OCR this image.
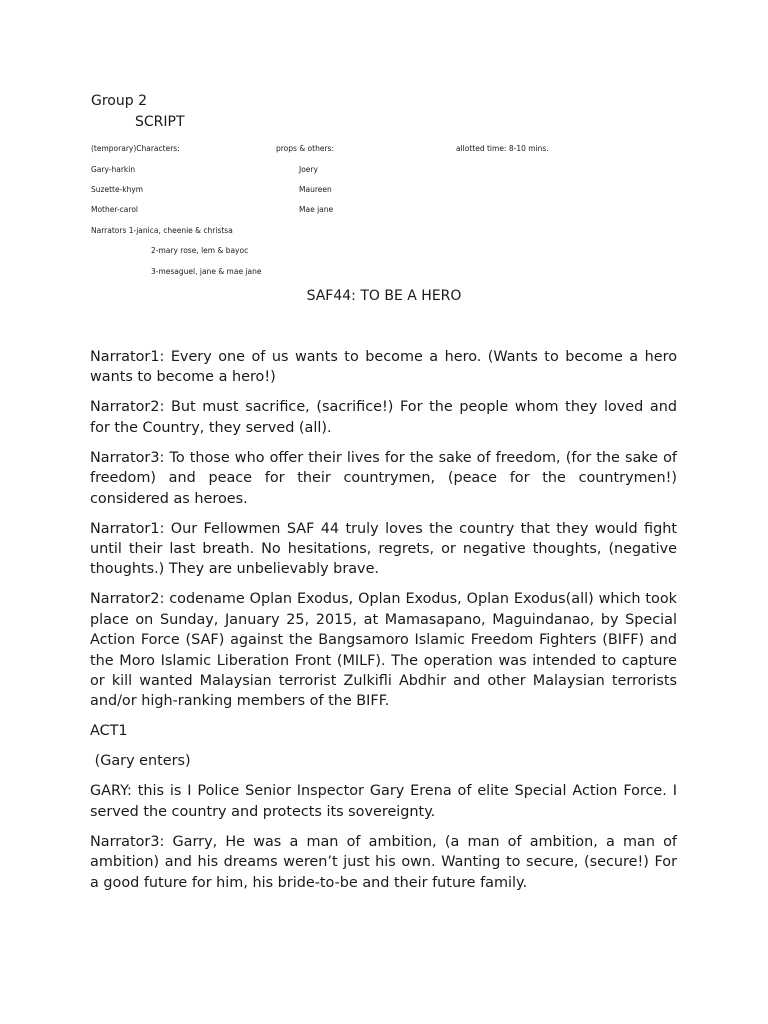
Group 2
SCRIPT
(temporary)Characters:	props & others:	allotted time: 8-10 mins.
Gary-harkin	Joery
Suzette-khym	Maureen
Mother-carol	Mae jane
Narrators 1-janica, cheenie & christsa
2-mary rose, lem & bayoc
3-mesaguel, jane & mae jane
SAF44: TO BE A HERO

Narrator1: Every one of us wants to become a hero. (Wants to become a hero wants to become a hero!)

Narrator2: But must sacrifice, (sacrifice!) For the people whom they loved and for the Country, they served (all).

Narrator3: To those who offer their lives for the sake of freedom, (for the sake of freedom) and peace for their countrymen, (peace for the countrymen!) considered as heroes.

Narrator1: Our Fellowmen SAF 44 truly loves the country that they would fight until their last breath. No hesitations, regrets, or negative thoughts, (negative thoughts.) They are unbelievably brave.

Narrator2: codename Oplan Exodus, Oplan Exodus, Oplan Exodus(all) which took place on Sunday, January 25, 2015, at Mamasapano, Maguindanao, by Special Action Force (SAF) against the Bangsamoro Islamic Freedom Fighters (BIFF) and the Moro Islamic Liberation Front (MILF). The operation was intended to capture or kill wanted Malaysian terrorist Zulkifli Abdhir and other Malaysian terrorists and/or high-ranking members of the BIFF.

ACT1

(Gary enters)

GARY: this is I Police Senior Inspector Gary Erena of elite Special Action Force. I served the country and protects its sovereignty.

Narrator3: Garry, He was a man of ambition, (a man of ambition, a man of ambition) and his dreams weren’t just his own. Wanting to secure, (secure!) For a good future for him, his bride-to-be and their future family.
